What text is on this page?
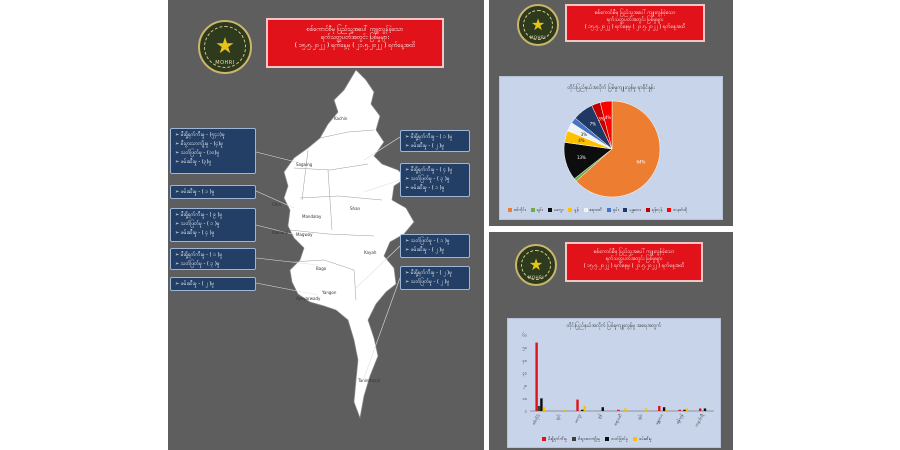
★
MOHRI
စစ်ကောင်စီမှ ပြည်သူ့အပေါ် ကျူးလွန်ခဲ့သော
ရက်သတ္တပတ်အတွင်း ပြစ်မှုများ
( ၁၅.၅.၂၀၂၂ ) ရက်နေ့မှ ( ၂၁.၅.၂၀၂၂ ) ရက်နေ့အထိ
Kachin
Sagaing
Chin
Mandalay
Shan
Magway
Rakhine
Bago
Kayah
Ayeyarwady
Yangon
Tanintharyi
➢ မီးရှို့ရက်ကီးမှု - (၅၄၁)မှု
➢ စီးပွားသာကျိုးမှု - (၄)မှု
➢ သတ်ဖြတ်မှု - (၁၀)မှု
➢ ဖမ်းဆီးမှု - (၃)မှု
➢ ဖမ်းဆီးမှု - ( ၁ )မှု
➢ မီးရှို့ရက်ကီးမှု - ( ၉ )မှု
➢ သတ်ဖြတ်မှု - ( ၁ )မှု
➢ ဖမ်းဆီးမှု - ( ၄ )မှု
➢ မီးရှို့ရက်ကီးမှု - ( ၁ )မှု
➢ သတ်ဖြတ်မှု - ( ၃ )မှု
➢ ဖမ်းဆီးမှု - ( ၂ )မှု
➢ မီးရှို့ရက်ကီးမှု - ( ၁ )မှု
➢ ဖမ်းဆီးမှု - ( ၂ )မှု
➢ မီးရှို့ရက်ကီးမှု - ( ၄ )မှု
➢ သတ်ဖြတ်မှု - ( ၃ )မှု
➢ ဖမ်းဆီးမှု - ( ၁ )မှု
➢ သတ်ဖြတ်မှု - ( ၁ )မှု
➢ ဖမ်းဆီးမှု - ( ၂ )မှု
➢ မီးရှို့ရက်ကီးမှု - ( ၂ )မှု
➢ သတ်ဖြတ်မှု - ( ၂ )မှု
★
MOHRI
စစ်ကောင်စီမှ ပြည်သူ့အပေါ် ကျူးလွန်ခဲ့သော
ရက်သတ္တပတ်အတွင်း ပြစ်မှုများ
( ၁၅.၅.၂၀၂၂ ) ရက်နေ့မှ ( ၂၁.၅.၂၀၂၂ ) ရက်နေ့အထိ
တိုင်းပြည်နယ်အလိုက် ပြစ်မှုကျူးလွန်မှု ရာခိုင်နှုန်း
64%
13%
4%
3%
7%
3% 4%
စစ်ကိုင်း	ချင်း	မကွေး	မွန်	ဧရာဝတီ	ရှမ်း	မန္တလေး	ရန်ကုန်	တနင်္သာရီ
★
MOHRI
စစ်ကောင်စီမှ ပြည်သူ့အပေါ် ကျူးလွန်ခဲ့သော
ရက်သတ္တပတ်အတွင်း ပြစ်မှုများ
( ၁၅.၅.၂၀၂၂ ) ရက်နေ့မှ ( ၂၁.၅.၂၀၂၂ ) ရက်နေ့အထိ
တိုင်းပြည်နယ်အလိုက် ပြစ်မှုကျူးလွန်မှု အရေအတွက်
၀
၁၀
၂၀
၃၀
၄၀
၅၀
၆၀
စစ်ကိုင်း	ချင်း	မကွေး	မွန်	ဧရာဝတီ	ရှမ်း	မန္တလေး	ရန်ကုန်	တနင်္သာရီ
မီးရှို့ရက်ကီးမှု	စီးပွားသာကျိုးမှု	သတ်ဖြတ်မှု	ဖမ်းဆီးမှု
